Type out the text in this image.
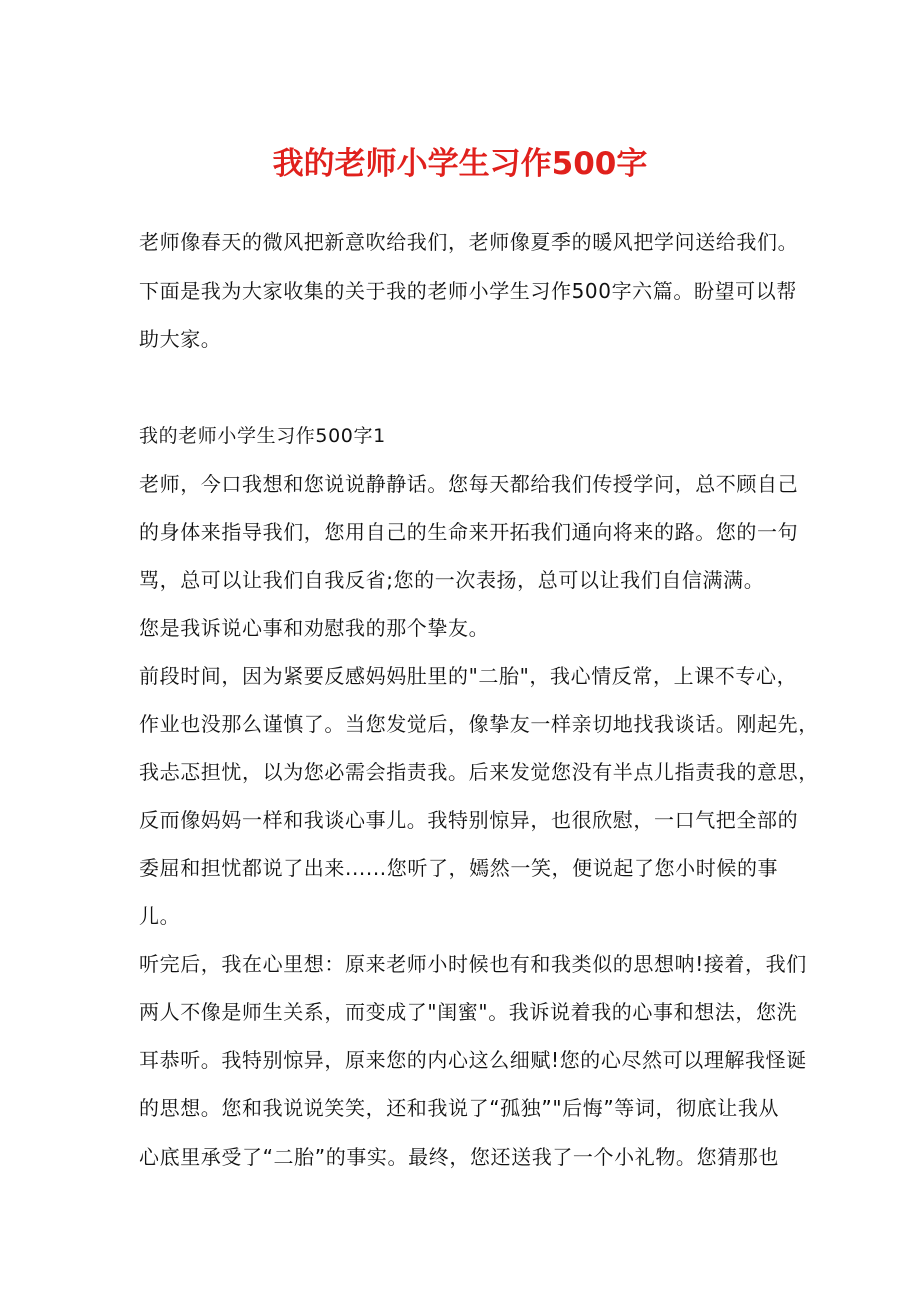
我的老师小学生习作500字

老师像春天的微风把新意吹给我们，老师像夏季的暖风把学问送给我们。

下面是我为大家收集的关于我的老师小学生习作500字六篇。盼望可以帮

助大家。

我的老师小学生习作500字1

老师，今口我想和您说说静静话。您每天都给我们传授学问，总不顾自己

的身体来指导我们，您用自己的生命来开拓我们通向将来的路。您的一句

骂，总可以让我们自我反省;您的一次表扬，总可以让我们自信满满。

您是我诉说心事和劝慰我的那个挚友。

前段时间，因为紧要反感妈妈肚里的"二胎"，我心情反常，上课不专心，

作业也没那么谨慎了。当您发觉后，像挚友一样亲切地找我谈话。刚起先，

我忐忑担忧，以为您必需会指责我。后来发觉您没有半点儿指责我的意思，

反而像妈妈一样和我谈心事儿。我特别惊异，也很欣慰，一口气把全部的

委屈和担忧都说了出来......您听了，嫣然一笑，便说起了您小时候的事

儿。

听完后，我在心里想：原来老师小时候也有和我类似的思想呐!接着，我们

两人不像是师生关系，而变成了"闺蜜"。我诉说着我的心事和想法，您洗

耳恭听。我特别惊异，原来您的内心这么细赋!您的心尽然可以理解我怪诞

的思想。您和我说说笑笑，还和我说了“孤独”"后悔”等词，彻底让我从

心底里承受了“二胎”的事实。最终，您还送我了一个小礼物。您猜那也
